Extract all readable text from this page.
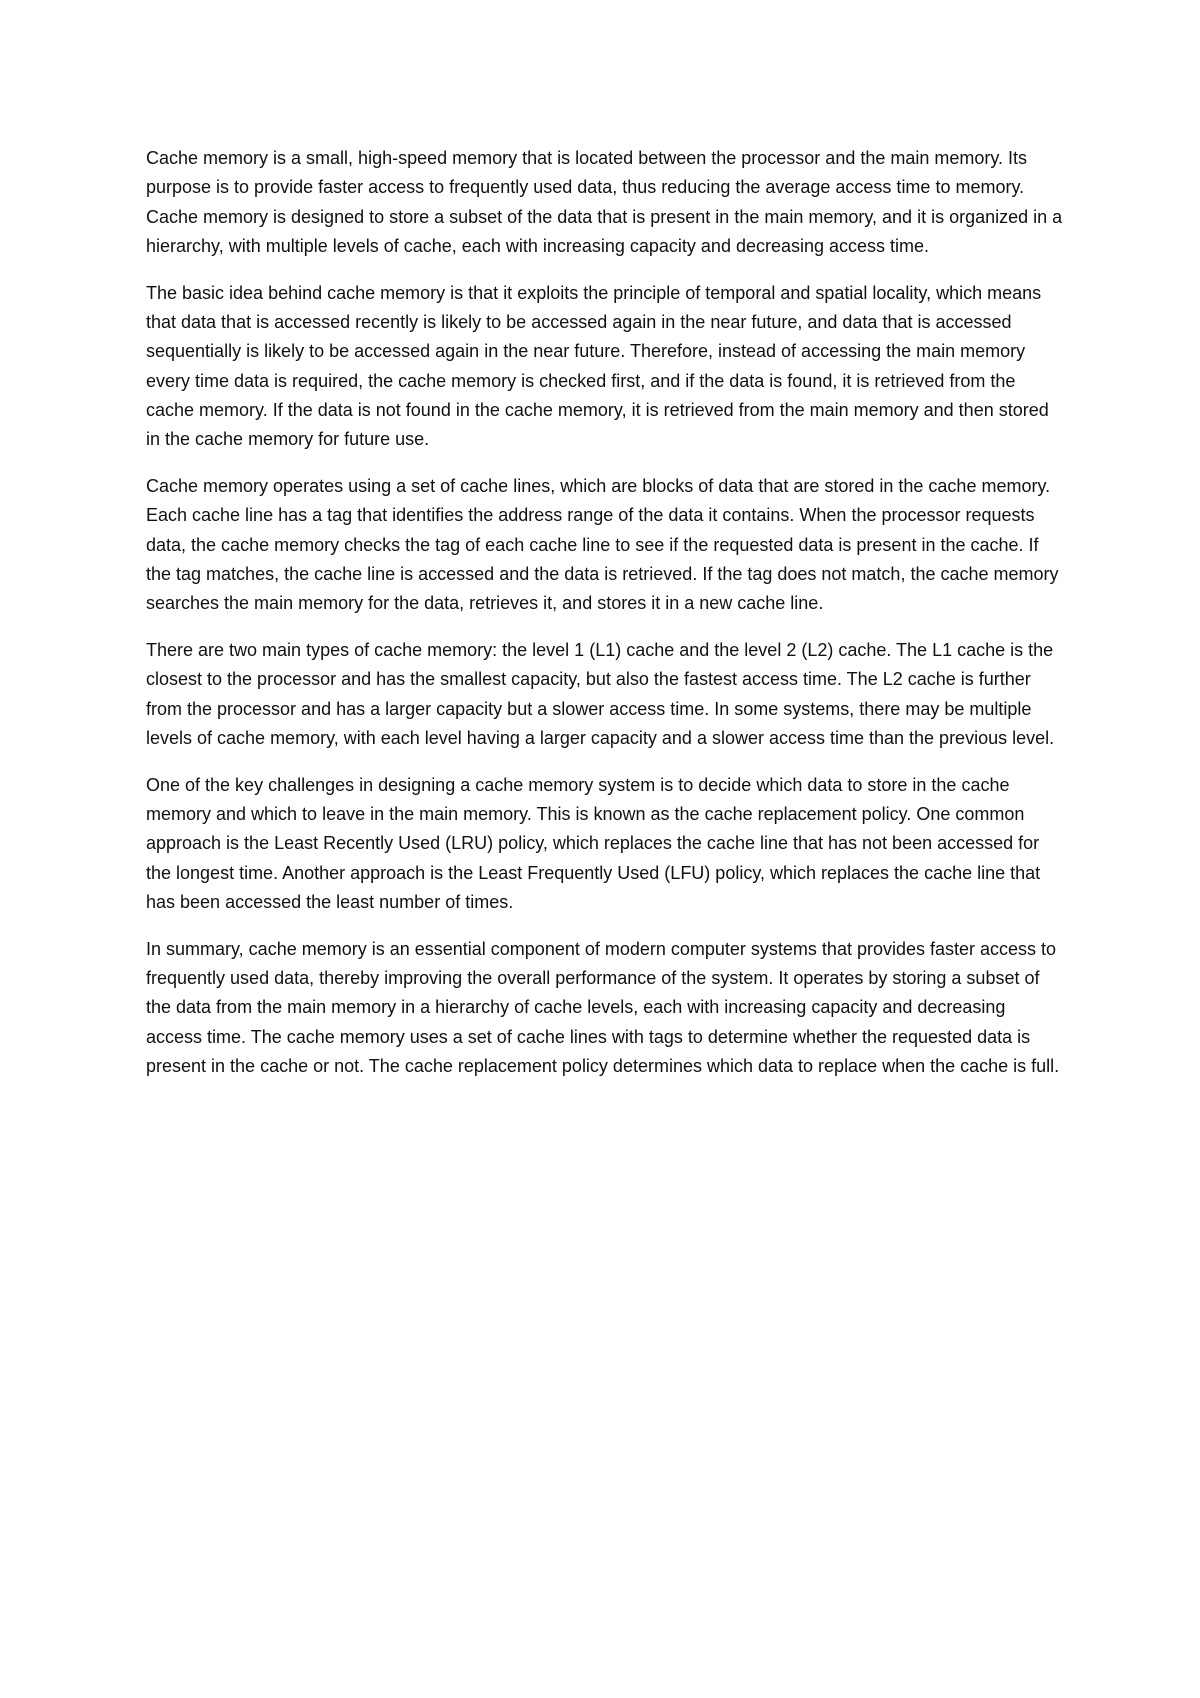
Cache memory is a small, high-speed memory that is located between the processor and the main memory. Its purpose is to provide faster access to frequently used data, thus reducing the average access time to memory. Cache memory is designed to store a subset of the data that is present in the main memory, and it is organized in a hierarchy, with multiple levels of cache, each with increasing capacity and decreasing access time.

The basic idea behind cache memory is that it exploits the principle of temporal and spatial locality, which means that data that is accessed recently is likely to be accessed again in the near future, and data that is accessed sequentially is likely to be accessed again in the near future. Therefore, instead of accessing the main memory every time data is required, the cache memory is checked first, and if the data is found, it is retrieved from the cache memory. If the data is not found in the cache memory, it is retrieved from the main memory and then stored in the cache memory for future use.

Cache memory operates using a set of cache lines, which are blocks of data that are stored in the cache memory. Each cache line has a tag that identifies the address range of the data it contains. When the processor requests data, the cache memory checks the tag of each cache line to see if the requested data is present in the cache. If the tag matches, the cache line is accessed and the data is retrieved. If the tag does not match, the cache memory searches the main memory for the data, retrieves it, and stores it in a new cache line.

There are two main types of cache memory: the level 1 (L1) cache and the level 2 (L2) cache. The L1 cache is the closest to the processor and has the smallest capacity, but also the fastest access time. The L2 cache is further from the processor and has a larger capacity but a slower access time. In some systems, there may be multiple levels of cache memory, with each level having a larger capacity and a slower access time than the previous level.

One of the key challenges in designing a cache memory system is to decide which data to store in the cache memory and which to leave in the main memory. This is known as the cache replacement policy. One common approach is the Least Recently Used (LRU) policy, which replaces the cache line that has not been accessed for the longest time. Another approach is the Least Frequently Used (LFU) policy, which replaces the cache line that has been accessed the least number of times.

In summary, cache memory is an essential component of modern computer systems that provides faster access to frequently used data, thereby improving the overall performance of the system. It operates by storing a subset of the data from the main memory in a hierarchy of cache levels, each with increasing capacity and decreasing access time. The cache memory uses a set of cache lines with tags to determine whether the requested data is present in the cache or not. The cache replacement policy determines which data to replace when the cache is full.
